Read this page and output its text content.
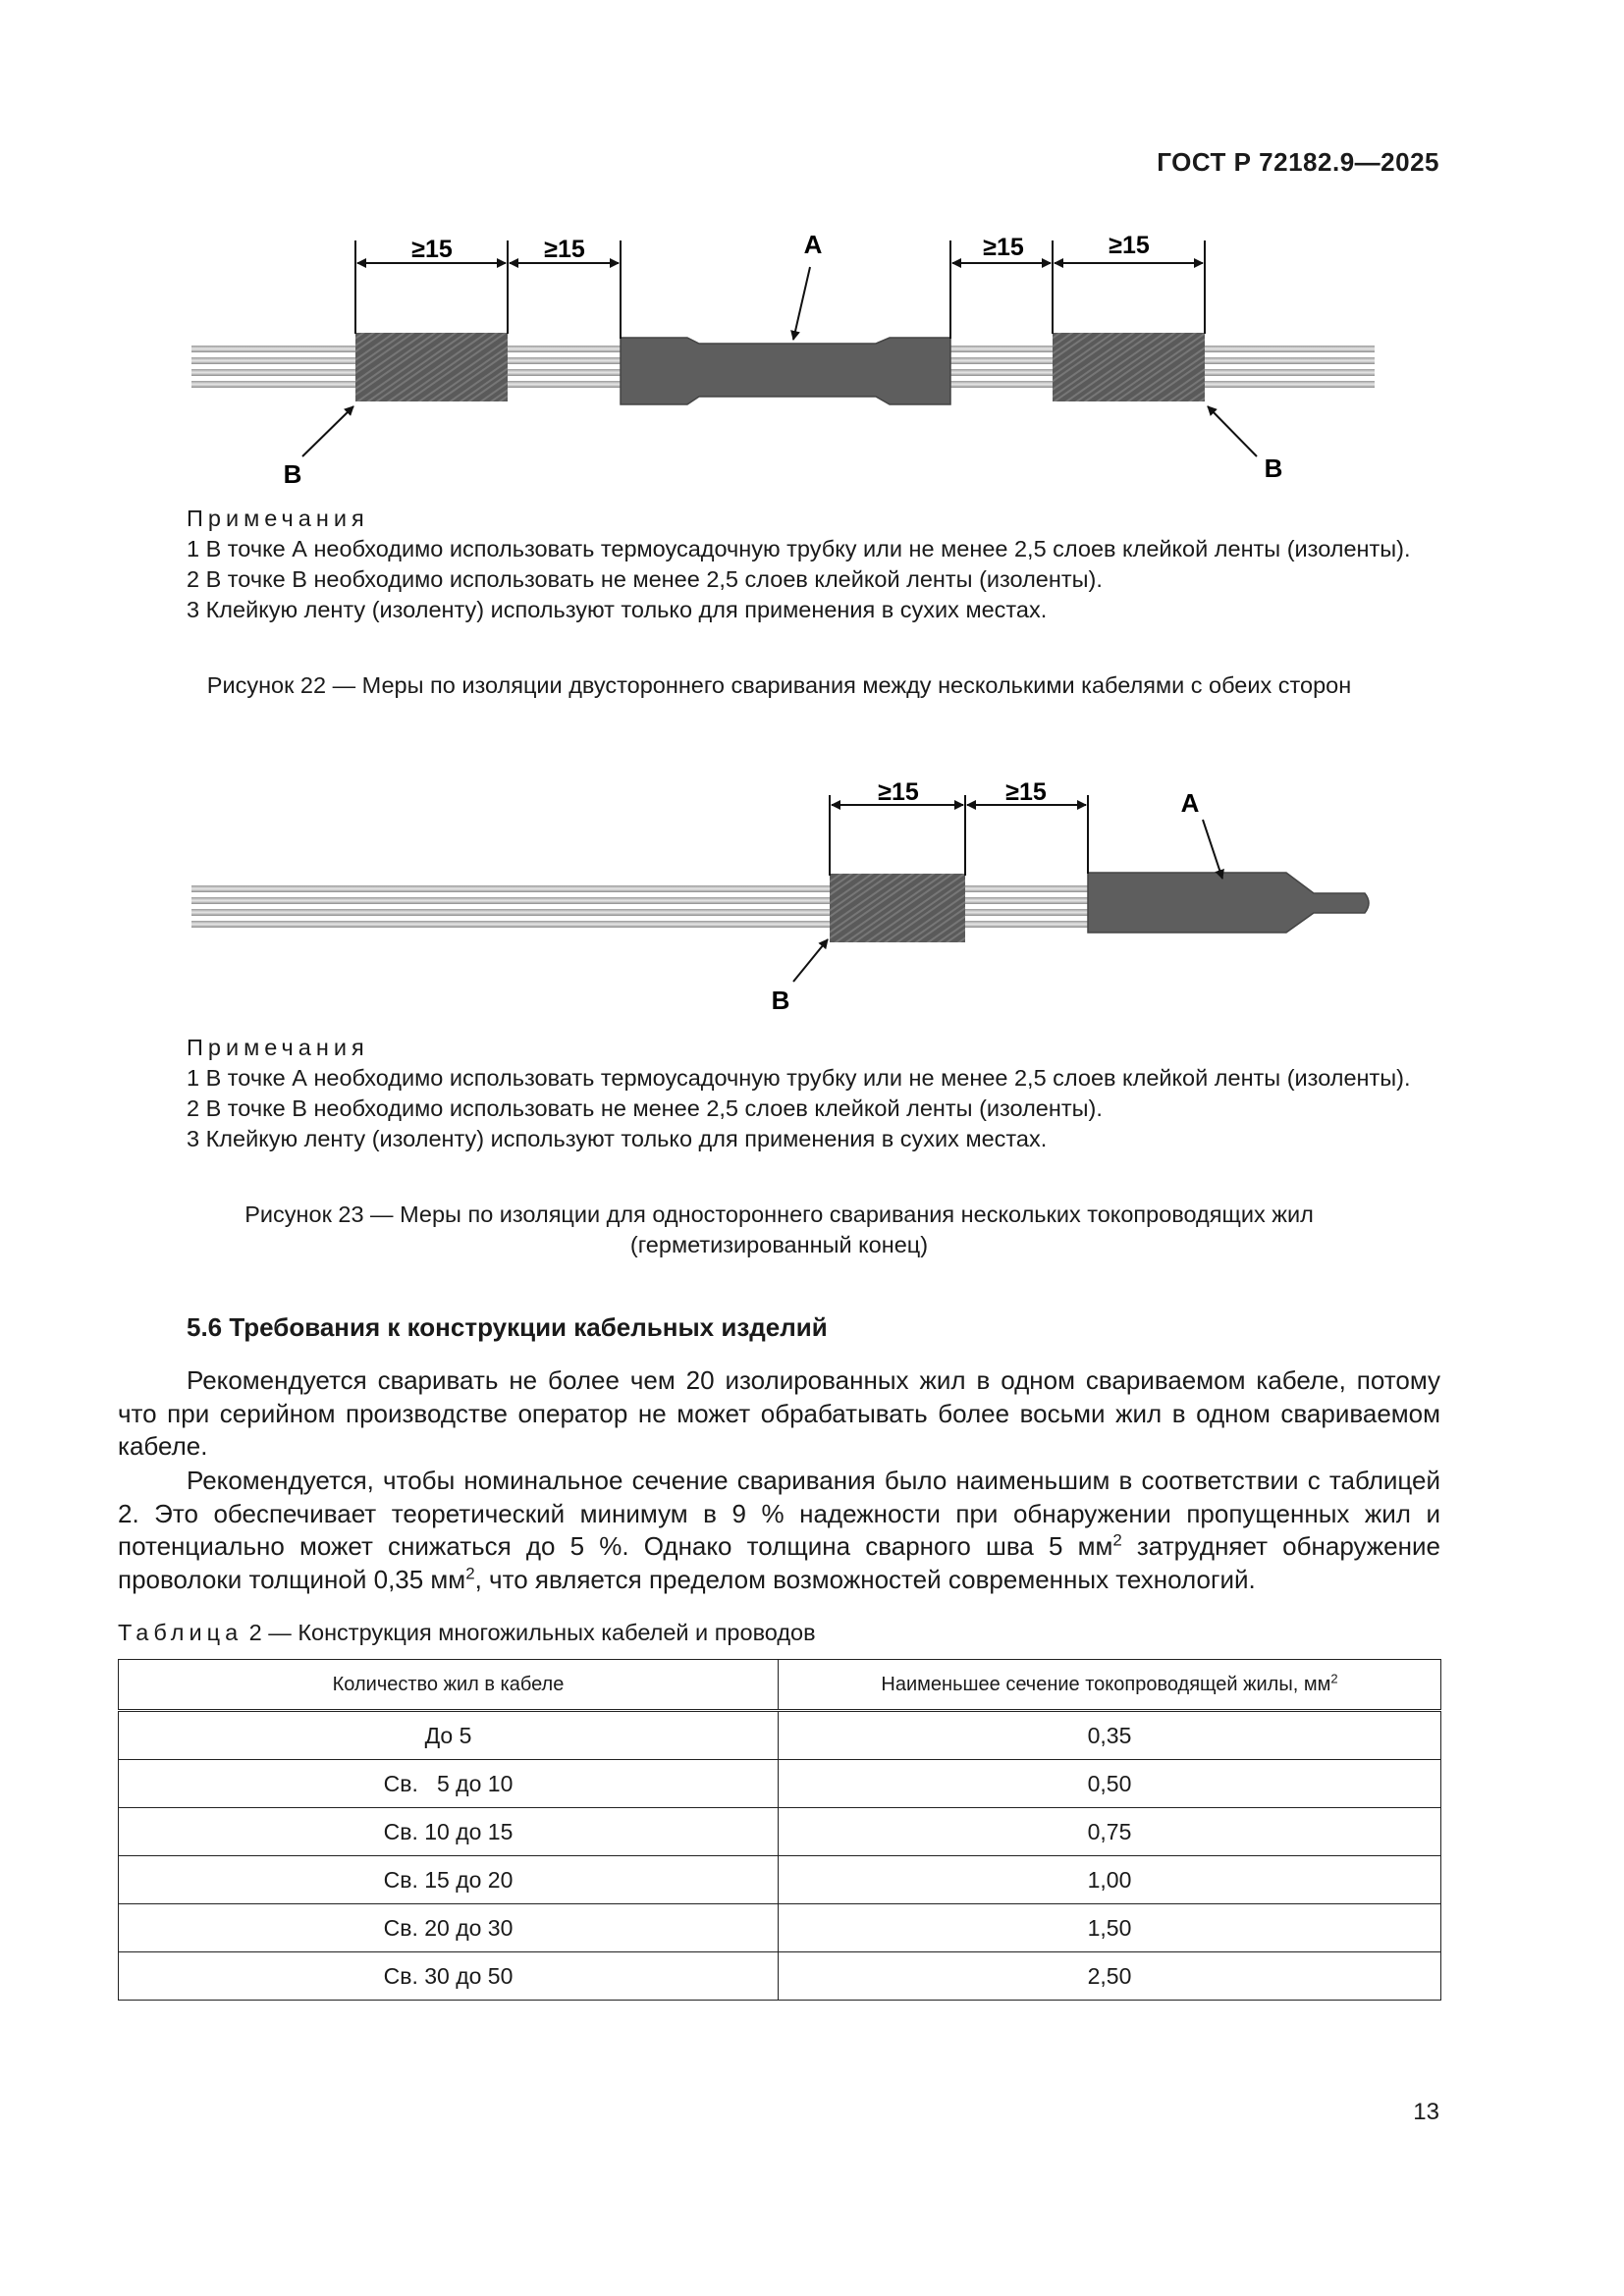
ГОСТ Р 72182.9—2025
≥15	≥15	≥15	≥15
А
В	В
Примечания
1 В точке А необходимо использовать термоусадочную трубку или не менее 2,5 слоев клейкой ленты (изоленты).
2 В точке В необходимо использовать не менее 2,5 слоев клейкой ленты (изоленты).
3 Клейкую ленту (изоленту) используют только для применения в сухих местах.
Рисунок 22 — Меры по изоляции двустороннего сваривания между несколькими кабелями с обеих сторон
≥15	≥15	А
В
Примечания
1 В точке А необходимо использовать термоусадочную трубку или не менее 2,5 слоев клейкой ленты (изоленты).
2 В точке В необходимо использовать не менее 2,5 слоев клейкой ленты (изоленты).
3 Клейкую ленту (изоленту) используют только для применения в сухих местах.
Рисунок 23 — Меры по изоляции для одностороннего сваривания нескольких токопроводящих жил
(герметизированный конец)
5.6 Требования к конструкции кабельных изделий
Рекомендуется сваривать не более чем 20 изолированных жил в одном свариваемом кабеле, потому что при серийном производстве оператор не может обрабатывать более восьми жил в одном свариваемом кабеле.
Рекомендуется, чтобы номинальное сечение сваривания было наименьшим в соответствии с таблицей 2. Это обеспечивает теоретический минимум в 9 % надежности при обнаружении пропущенных жил и потенциально может снижаться до 5 %. Однако толщина сварного шва 5 $мм^2$ затрудняет обнаружение проволоки толщиной 0,35 $мм^2$, что является пределом возможностей современных технологий.
Таблица 2 — Конструкция многожильных кабелей и проводов
Количество жил в кабеле	Наименьшее сечение токопроводящей жилы, $мм^2$
До 5	0,35
Св.   5 до 10	0,50
Св. 10 до 15	0,75
Св. 15 до 20	1,00
Св. 20 до 30	1,50
Св. 30 до 50	2,50
13
